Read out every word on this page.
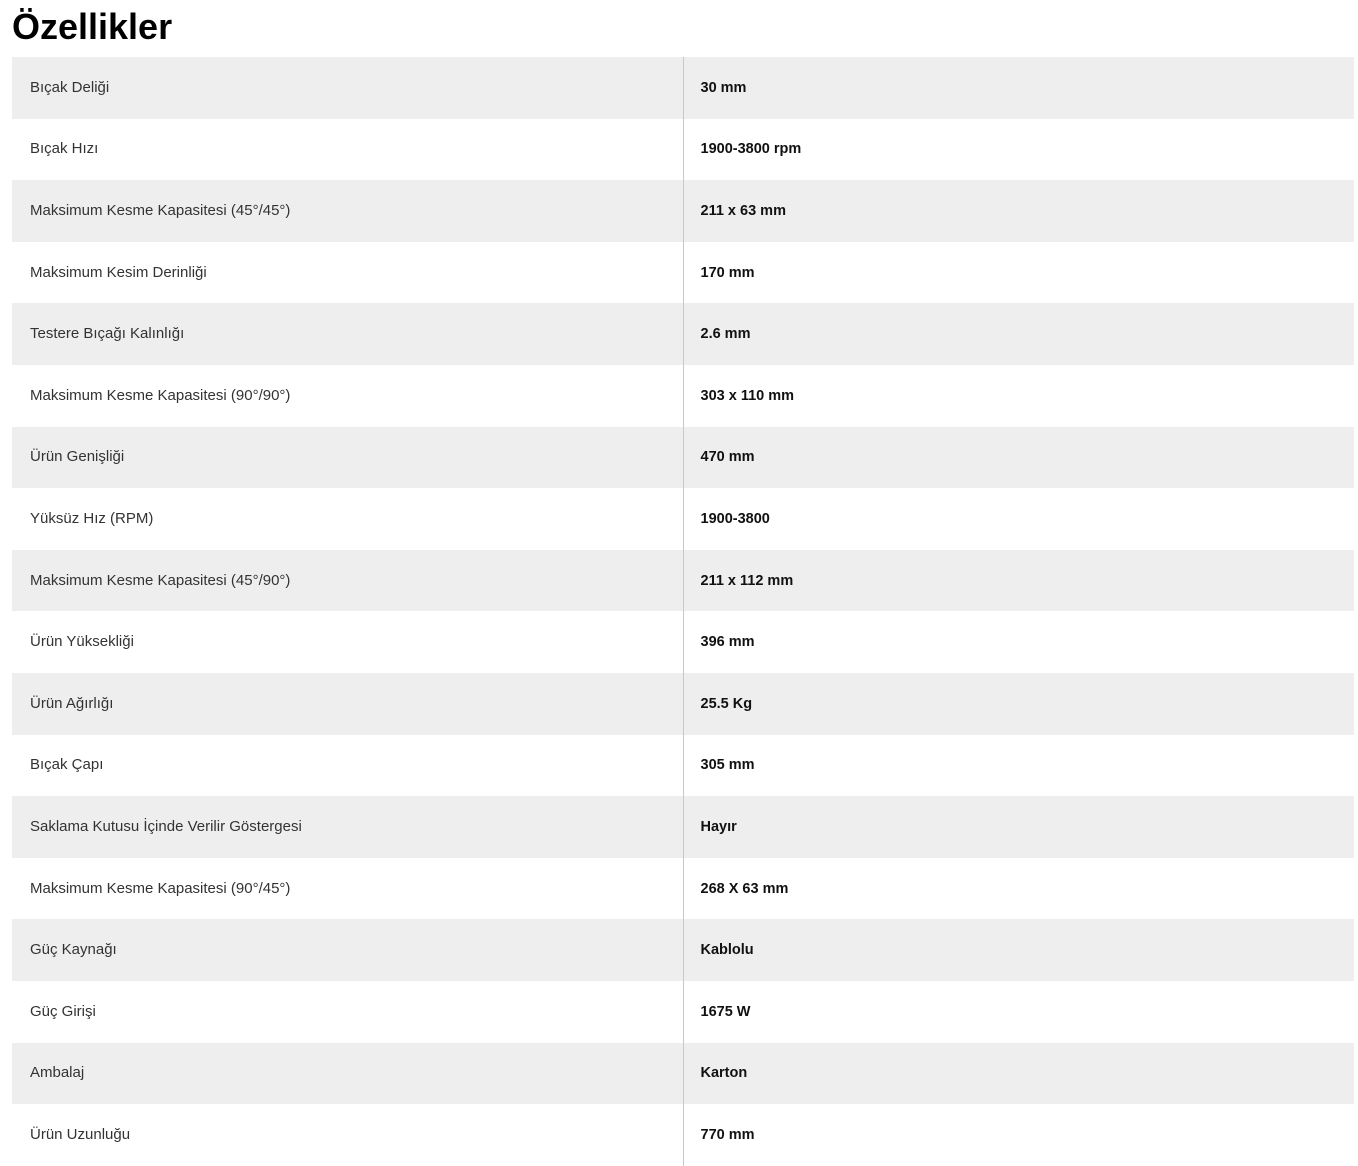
Özellikler
Bıçak Deliği	30 mm
Bıçak Hızı	1900-3800 rpm
Maksimum Kesme Kapasitesi (45°/45°)	211 x 63 mm
Maksimum Kesim Derinliği	170 mm
Testere Bıçağı Kalınlığı	2.6 mm
Maksimum Kesme Kapasitesi (90°/90°)	303 x 110 mm
Ürün Genişliği	470 mm
Yüksüz Hız (RPM)	1900-3800
Maksimum Kesme Kapasitesi (45°/90°)	211 x 112 mm
Ürün Yüksekliği	396 mm
Ürün Ağırlığı	25.5 Kg
Bıçak Çapı	305 mm
Saklama Kutusu İçinde Verilir Göstergesi	Hayır
Maksimum Kesme Kapasitesi (90°/45°)	268 X 63 mm
Güç Kaynağı	Kablolu
Güç Girişi	1675 W
Ambalaj	Karton
Ürün Uzunluğu	770 mm
